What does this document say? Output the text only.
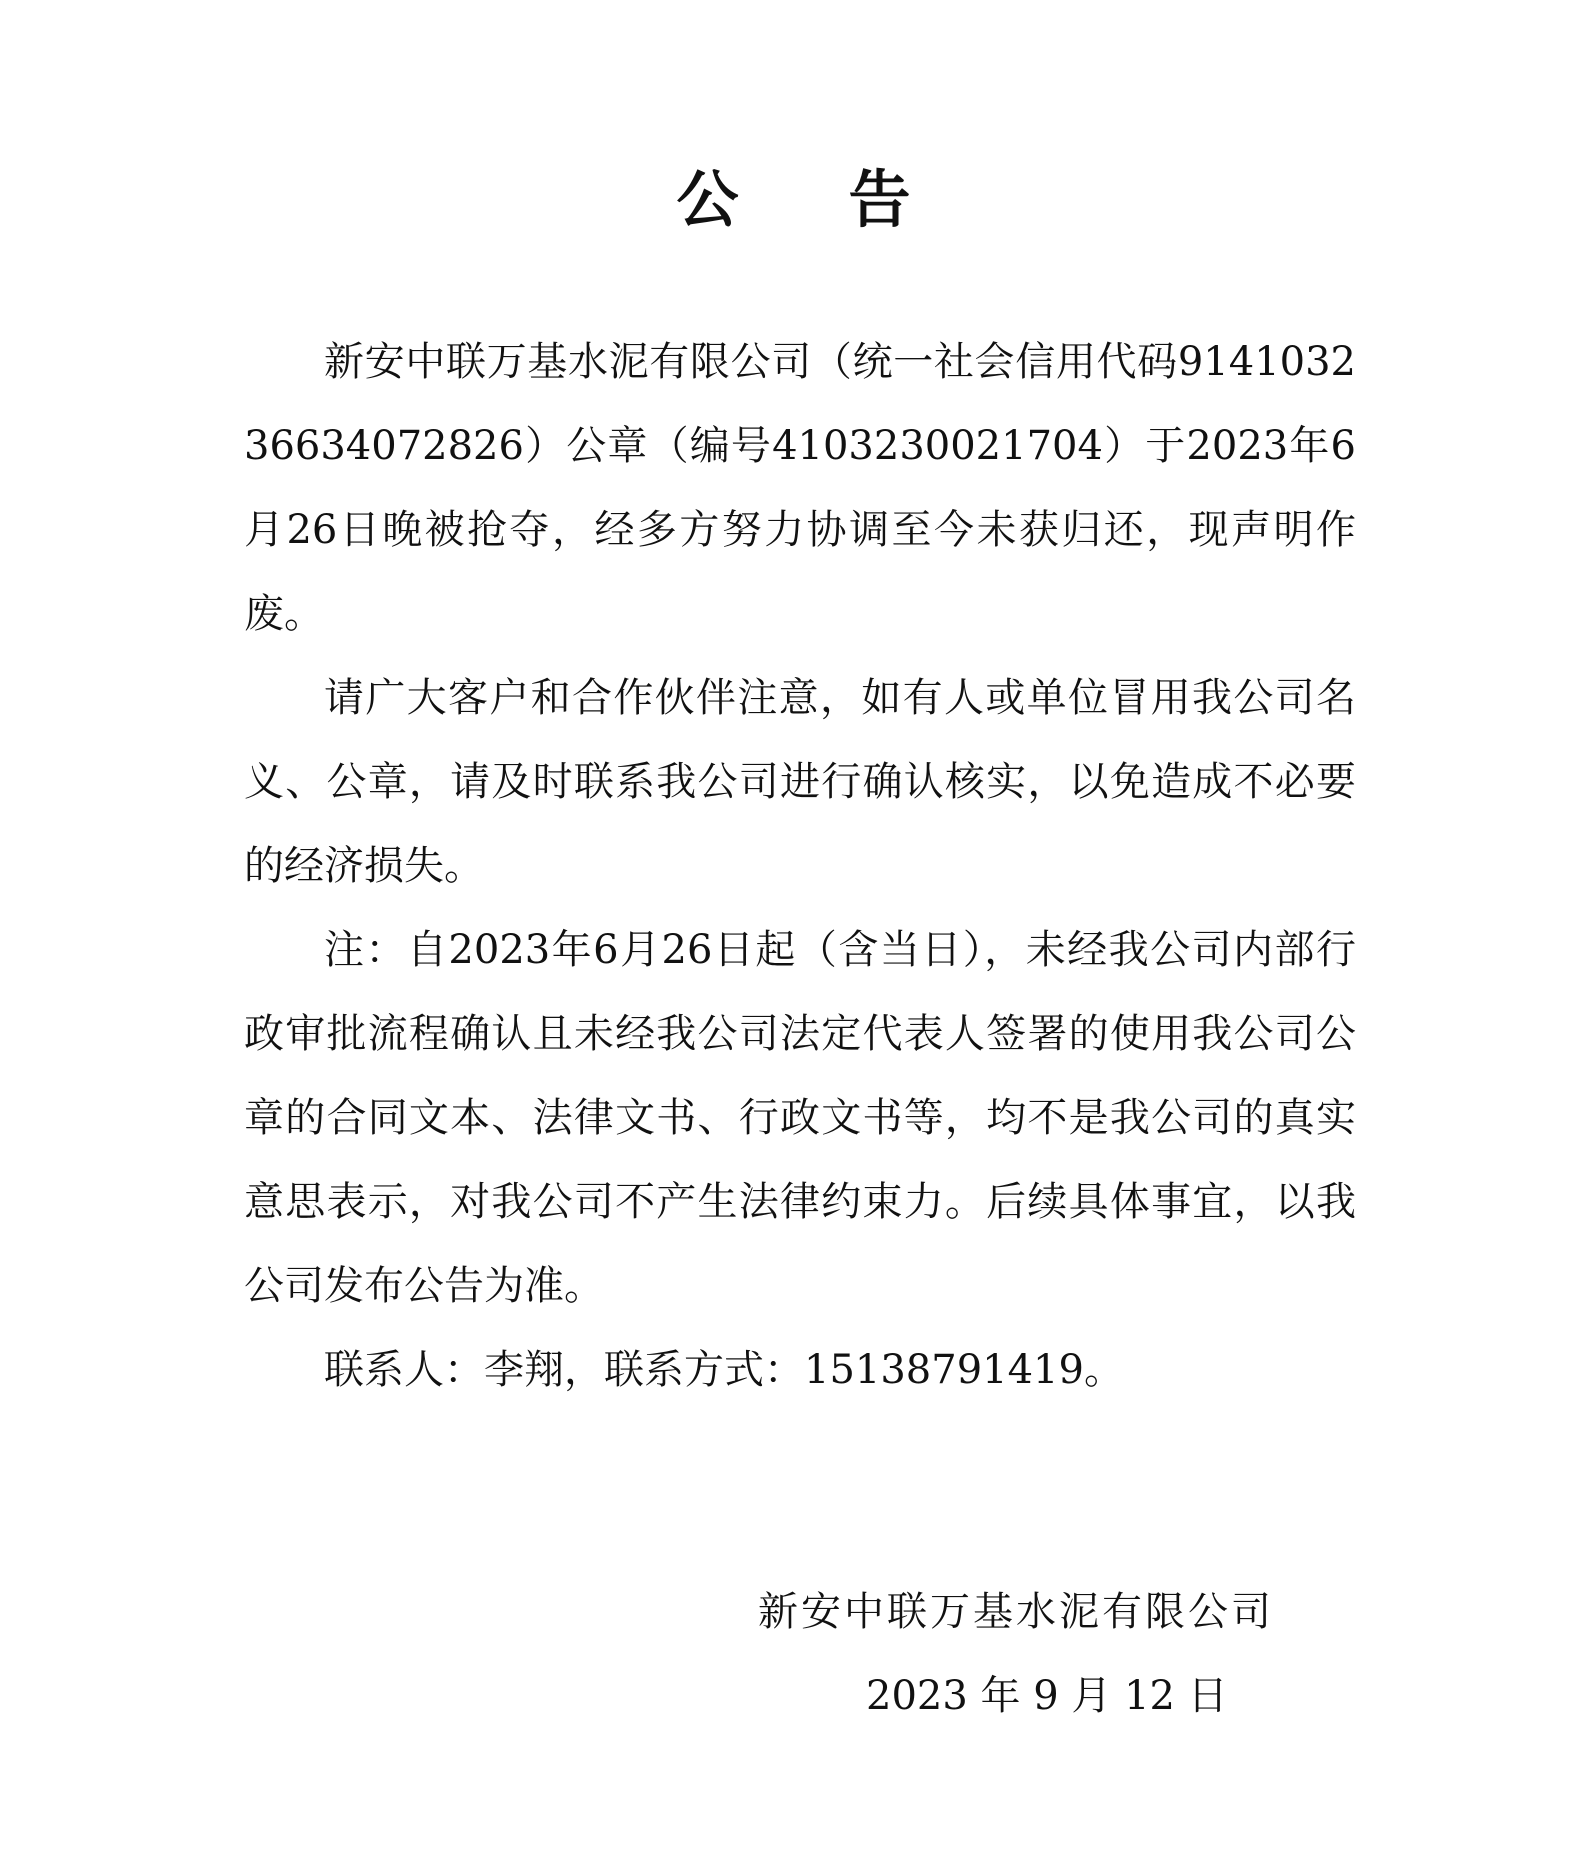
公 告

新安中联万基水泥有限公司（统一社会信用代码914103236634072826）公章（编号4103230021704）于2023年6月26日晚被抢夺，经多方努力协调至今未获归还，现声明作废。

请广大客户和合作伙伴注意，如有人或单位冒用我公司名义、公章，请及时联系我公司进行确认核实，以免造成不必要的经济损失。

注：自2023年6月26日起（含当日），未经我公司内部行政审批流程确认且未经我公司法定代表人签署的使用我公司公章的合同文本、法律文书、行政文书等，均不是我公司的真实意思表示，对我公司不产生法律约束力。后续具体事宜，以我公司发布公告为准。

联系人：李翔，联系方式：15138791419。

新安中联万基水泥有限公司
2023 年 9 月 12 日
